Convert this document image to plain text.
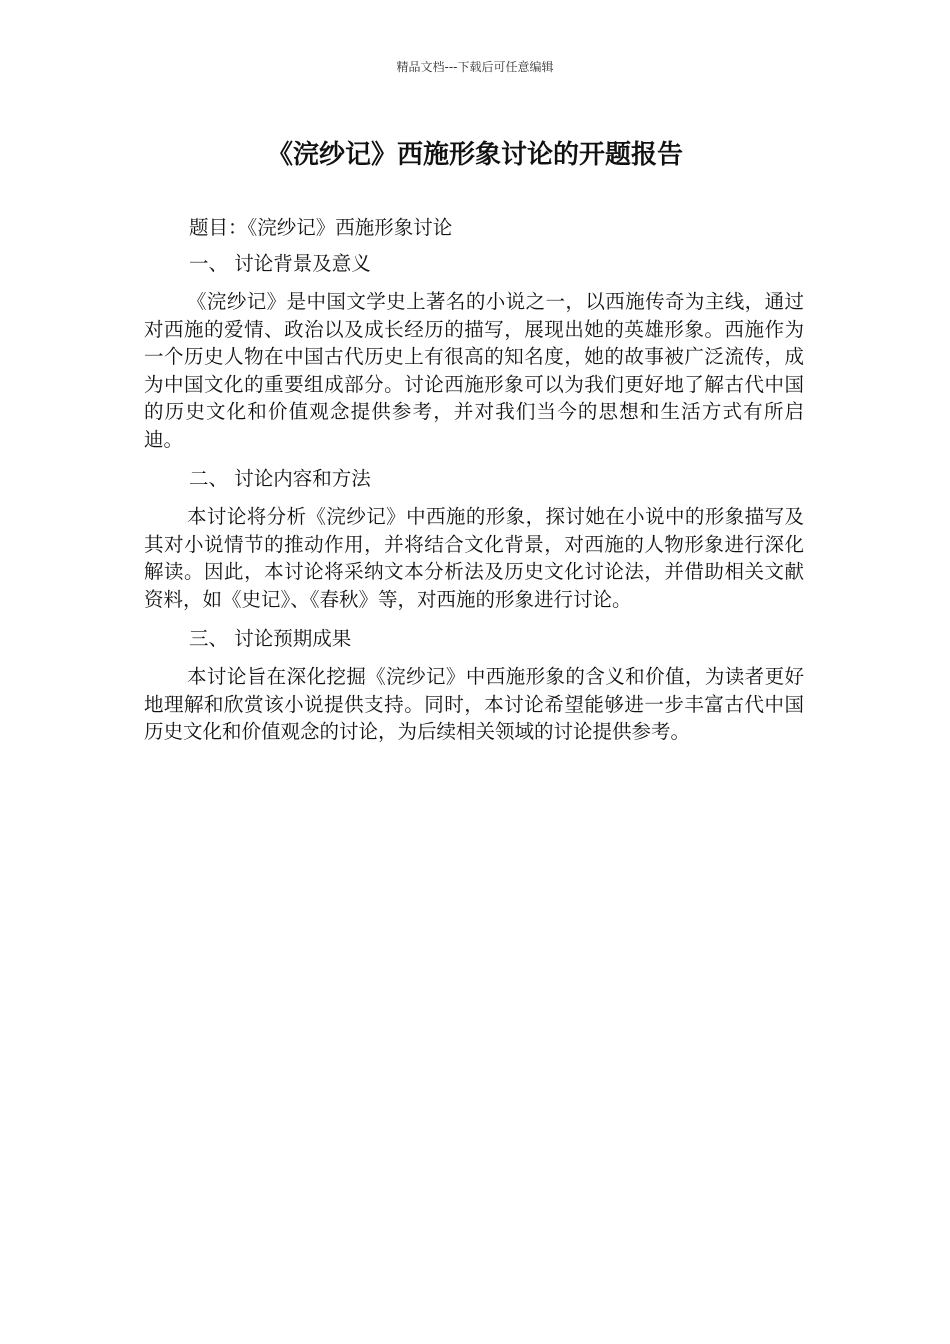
精品文档---下载后可任意编辑
《浣纱记》西施形象讨论的开题报告

题目：《浣纱记》西施形象讨论

一、 讨论背景及意义

《浣纱记》是中国文学史上著名的小说之一，以西施传奇为主线，通过对西施的爱情、政治以及成长经历的描写，展现出她的英雄形象。西施作为一个历史人物在中国古代历史上有很高的知名度，她的故事被广泛流传，成为中国文化的重要组成部分。讨论西施形象可以为我们更好地了解古代中国的历史文化和价值观念提供参考，并对我们当今的思想和生活方式有所启迪。

二、 讨论内容和方法

本讨论将分析《浣纱记》中西施的形象，探讨她在小说中的形象描写及其对小说情节的推动作用，并将结合文化背景，对西施的人物形象进行深化解读。因此，本讨论将采纳文本分析法及历史文化讨论法，并借助相关文献资料，如《史记》、《春秋》等，对西施的形象进行讨论。

三、 讨论预期成果

本讨论旨在深化挖掘《浣纱记》中西施形象的含义和价值，为读者更好地理解和欣赏该小说提供支持。同时，本讨论希望能够进一步丰富古代中国历史文化和价值观念的讨论，为后续相关领域的讨论提供参考。
